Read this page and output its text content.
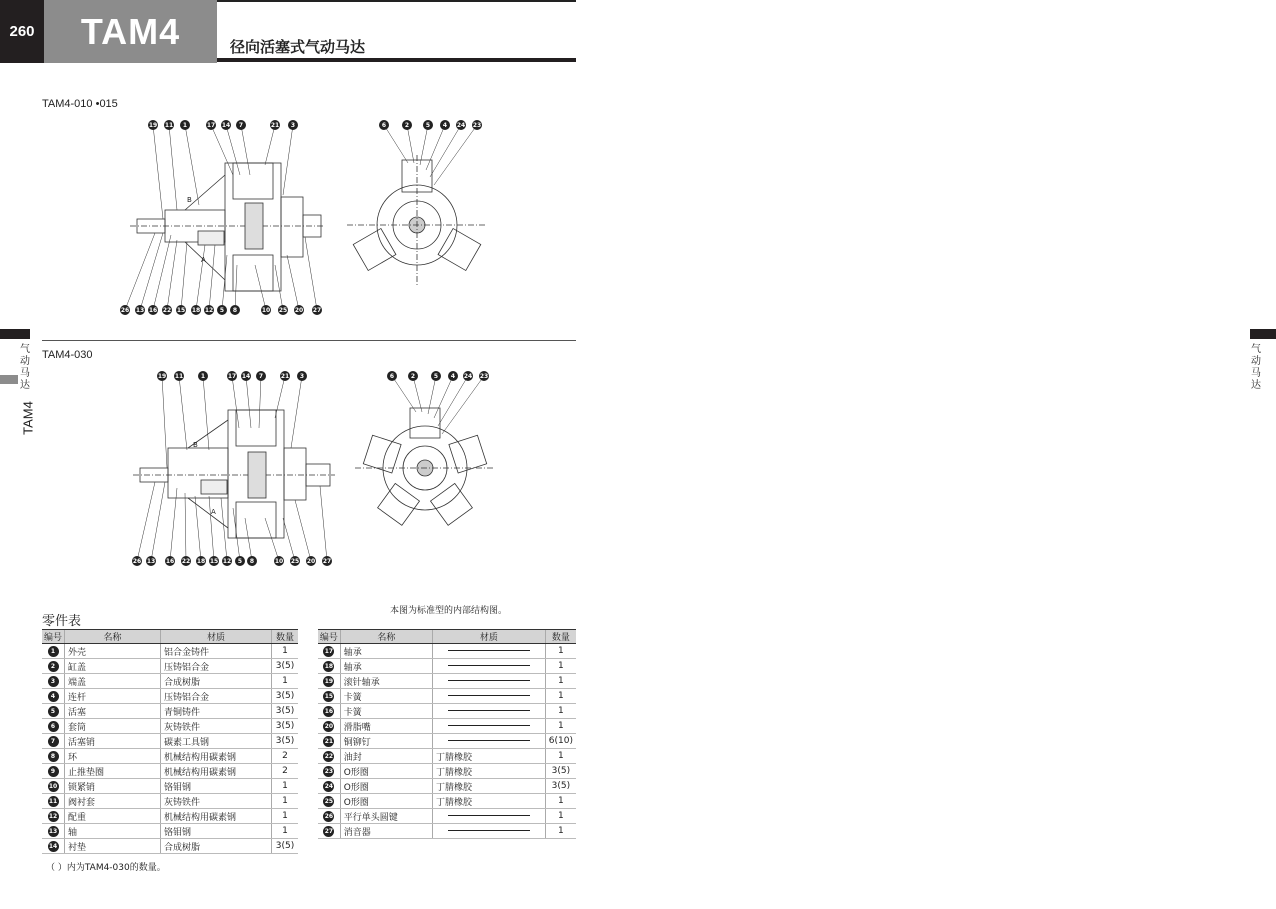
260	TAM4	径向活塞式气动马达
气动马达
TAM4
气动马达
TAM4-010 •015
TAM4-030
19 11 1	17 14 7	21 3
26 13 16 22 15 18 12 5 8	10 25 20 27
B
A
6	2	5 4 24 23
19 11	1	17 14 7	21 3
26 13 16 22 18 15 12 5 8	10 25 20 27
B
A
6	2	5 4 24 23
零件表
本图为标准型的内部结构图。
编号	名称	材质	数量
1	外壳	铝合金铸件	1
2	缸盖	压铸铝合金	3(5)
3	端盖	合成树脂	1
4	连杆	压铸铝合金	3(5)
5	活塞	青铜铸件	3(5)
6	套筒	灰铸铁件	3(5)
7	活塞销	碳素工具钢	3(5)
8	环	机械结构用碳素钢	2
9	止推垫圈	机械结构用碳素钢	2
10	锁紧销	铬钼钢	1
11	阀衬套	灰铸铁件	1
12	配重	机械结构用碳素钢	1
13	轴	铬钼钢	1
14	衬垫	合成树脂	3(5)
编号	名称	材质	数量
17	轴承		1
18	轴承		1
19	滚针轴承		1
15	卡簧		1
16	卡簧		1
20	滑脂嘴		1
21	铜铆钉		6(10)
22	油封	丁腈橡胶	1
23	O形圈	丁腈橡胶	3(5)
24	O形圈	丁腈橡胶	3(5)
25	O形圈	丁腈橡胶	1
26	平行单头圆键		1
27	消音器		1
（ ）内为TAM4-030的数量。
